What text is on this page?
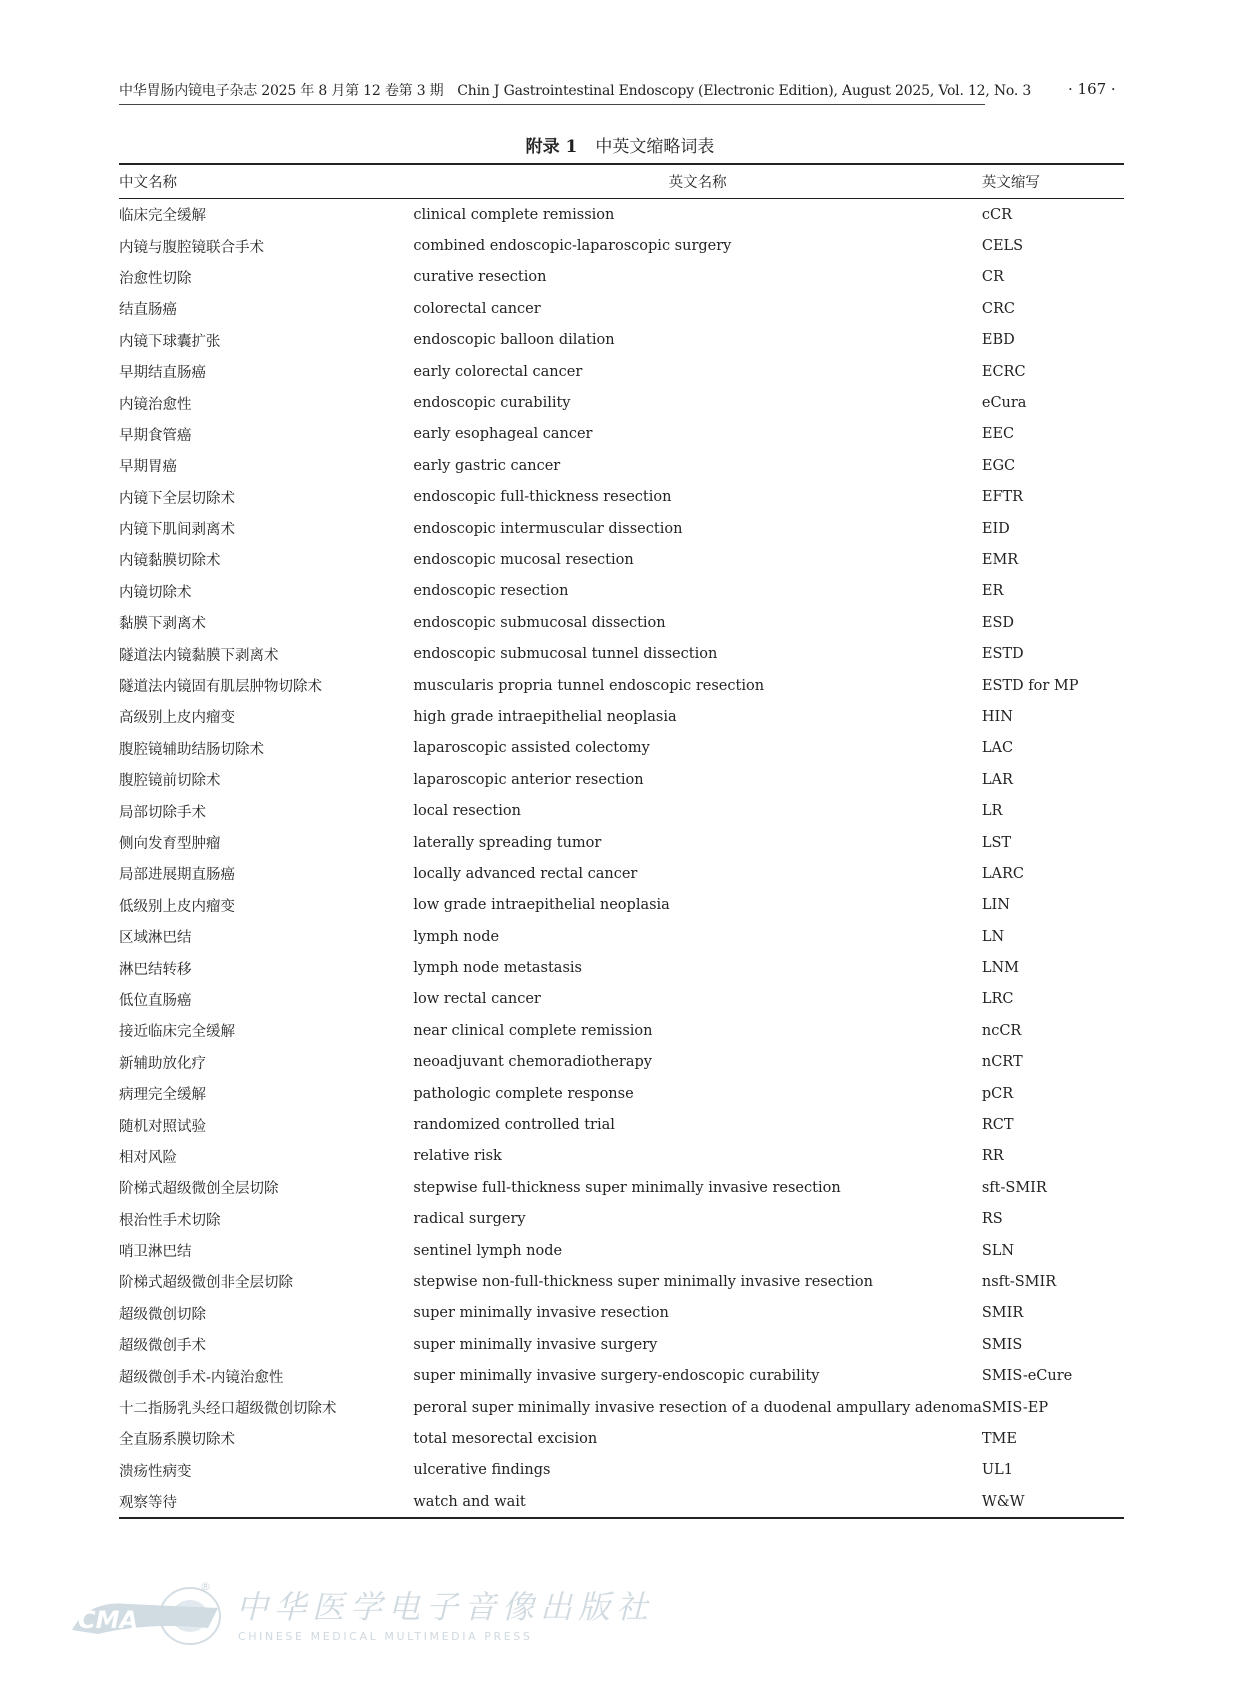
中华胃肠内镜电子杂志 2025 年 8 月第 12 卷第 3 期　Chin J Gastrointestinal Endoscopy (Electronic Edition), August 2025, Vol. 12, No. 3 · 167 ·
附录 1 中英文缩略词表
中文名称	英文名称	英文缩写
临床完全缓解	clinical complete remission	cCR
内镜与腹腔镜联合手术	combined endoscopic-laparoscopic surgery	CELS
治愈性切除	curative resection	CR
结直肠癌	colorectal cancer	CRC
内镜下球囊扩张	endoscopic balloon dilation	EBD
早期结直肠癌	early colorectal cancer	ECRC
内镜治愈性	endoscopic curability	eCura
早期食管癌	early esophageal cancer	EEC
早期胃癌	early gastric cancer	EGC
内镜下全层切除术	endoscopic full-thickness resection	EFTR
内镜下肌间剥离术	endoscopic intermuscular dissection	EID
内镜黏膜切除术	endoscopic mucosal resection	EMR
内镜切除术	endoscopic resection	ER
黏膜下剥离术	endoscopic submucosal dissection	ESD
隧道法内镜黏膜下剥离术	endoscopic submucosal tunnel dissection	ESTD
隧道法内镜固有肌层肿物切除术	muscularis propria tunnel endoscopic resection	ESTD for MP
高级别上皮内瘤变	high grade intraepithelial neoplasia	HIN
腹腔镜辅助结肠切除术	laparoscopic assisted colectomy	LAC
腹腔镜前切除术	laparoscopic anterior resection	LAR
局部切除手术	local resection	LR
侧向发育型肿瘤	laterally spreading tumor	LST
局部进展期直肠癌	locally advanced rectal cancer	LARC
低级别上皮内瘤变	low grade intraepithelial neoplasia	LIN
区域淋巴结	lymph node	LN
淋巴结转移	lymph node metastasis	LNM
低位直肠癌	low rectal cancer	LRC
接近临床完全缓解	near clinical complete remission	ncCR
新辅助放化疗	neoadjuvant chemoradiotherapy	nCRT
病理完全缓解	pathologic complete response	pCR
随机对照试验	randomized controlled trial	RCT
相对风险	relative risk	RR
阶梯式超级微创全层切除	stepwise full-thickness super minimally invasive resection	sft-SMIR
根治性手术切除	radical surgery	RS
哨卫淋巴结	sentinel lymph node	SLN
阶梯式超级微创非全层切除	stepwise non-full-thickness super minimally invasive resection	nsft-SMIR
超级微创切除	super minimally invasive resection	SMIR
超级微创手术	super minimally invasive surgery	SMIS
超级微创手术-内镜治愈性	super minimally invasive surgery-endoscopic curability	SMIS-eCure
十二指肠乳头经口超级微创切除术	peroral super minimally invasive resection of a duodenal ampullary adenoma	SMIS-EP
全直肠系膜切除术	total mesorectal excision	TME
溃疡性病变	ulcerative findings	UL1
观察等待	watch and wait	W&W
CMA
®
中华医学电子音像出版社
CHINESE MEDICAL MULTIMEDIA PRESS
